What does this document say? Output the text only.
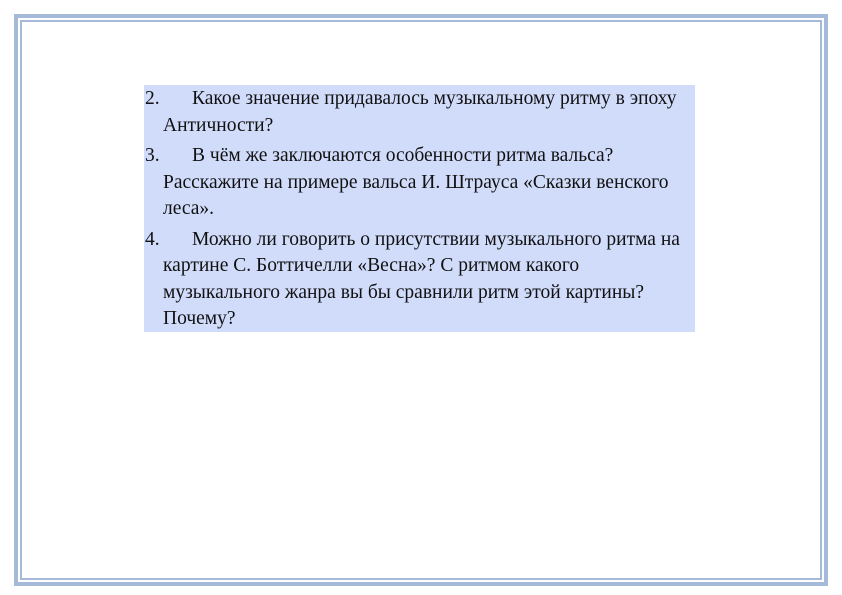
2. Какое значение придавалось музыкальному ритму в эпоху Античности?
3. В чём же заключаются особенности ритма вальса? Расскажите на примере вальса И. Штрауса «Сказки венского леса».
4. Можно ли говорить о присутствии музыкального ритма на картине С. Боттичелли «Весна»? С ритмом какого музыкального жанра вы бы сравнили ритм этой картины? Почему?
